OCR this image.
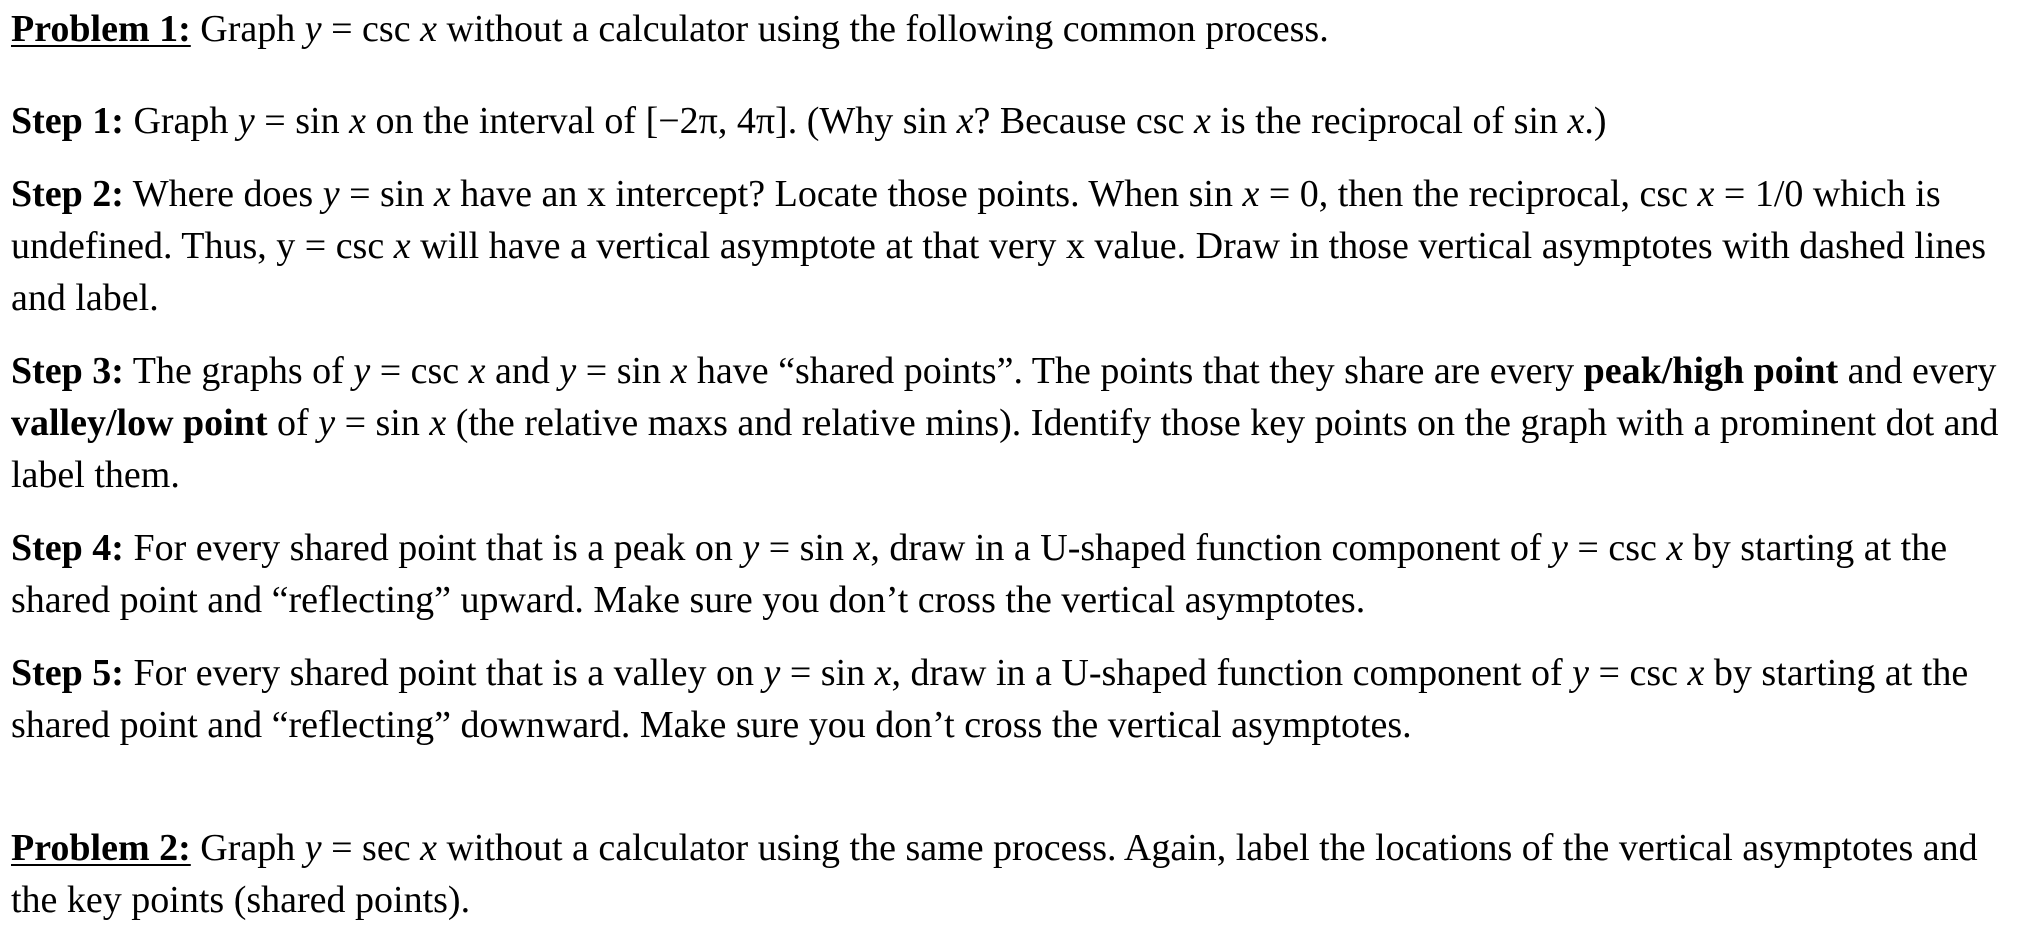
Problem 1: Graph y = csc x without a calculator using the following common process.

Step 1: Graph y = sin x on the interval of [−2π, 4π]. (Why sin x? Because csc x is the reciprocal of sin x.)

Step 2: Where does y = sin x have an x intercept? Locate those points. When sin x = 0, then the reciprocal, csc x = 1/0 which is undefined. Thus, y = csc x will have a vertical asymptote at that very x value. Draw in those vertical asymptotes with dashed lines and label.

Step 3: The graphs of y = csc x and y = sin x have “shared points”. The points that they share are every peak/high point and every valley/low point of y = sin x (the relative maxs and relative mins). Identify those key points on the graph with a prominent dot and label them.

Step 4: For every shared point that is a peak on y = sin x, draw in a U-shaped function component of y = csc x by starting at the shared point and “reflecting” upward. Make sure you don’t cross the vertical asymptotes.

Step 5: For every shared point that is a valley on y = sin x, draw in a U-shaped function component of y = csc x by starting at the shared point and “reflecting” downward. Make sure you don’t cross the vertical asymptotes.

Problem 2: Graph y = sec x without a calculator using the same process. Again, label the locations of the vertical asymptotes and the key points (shared points).
